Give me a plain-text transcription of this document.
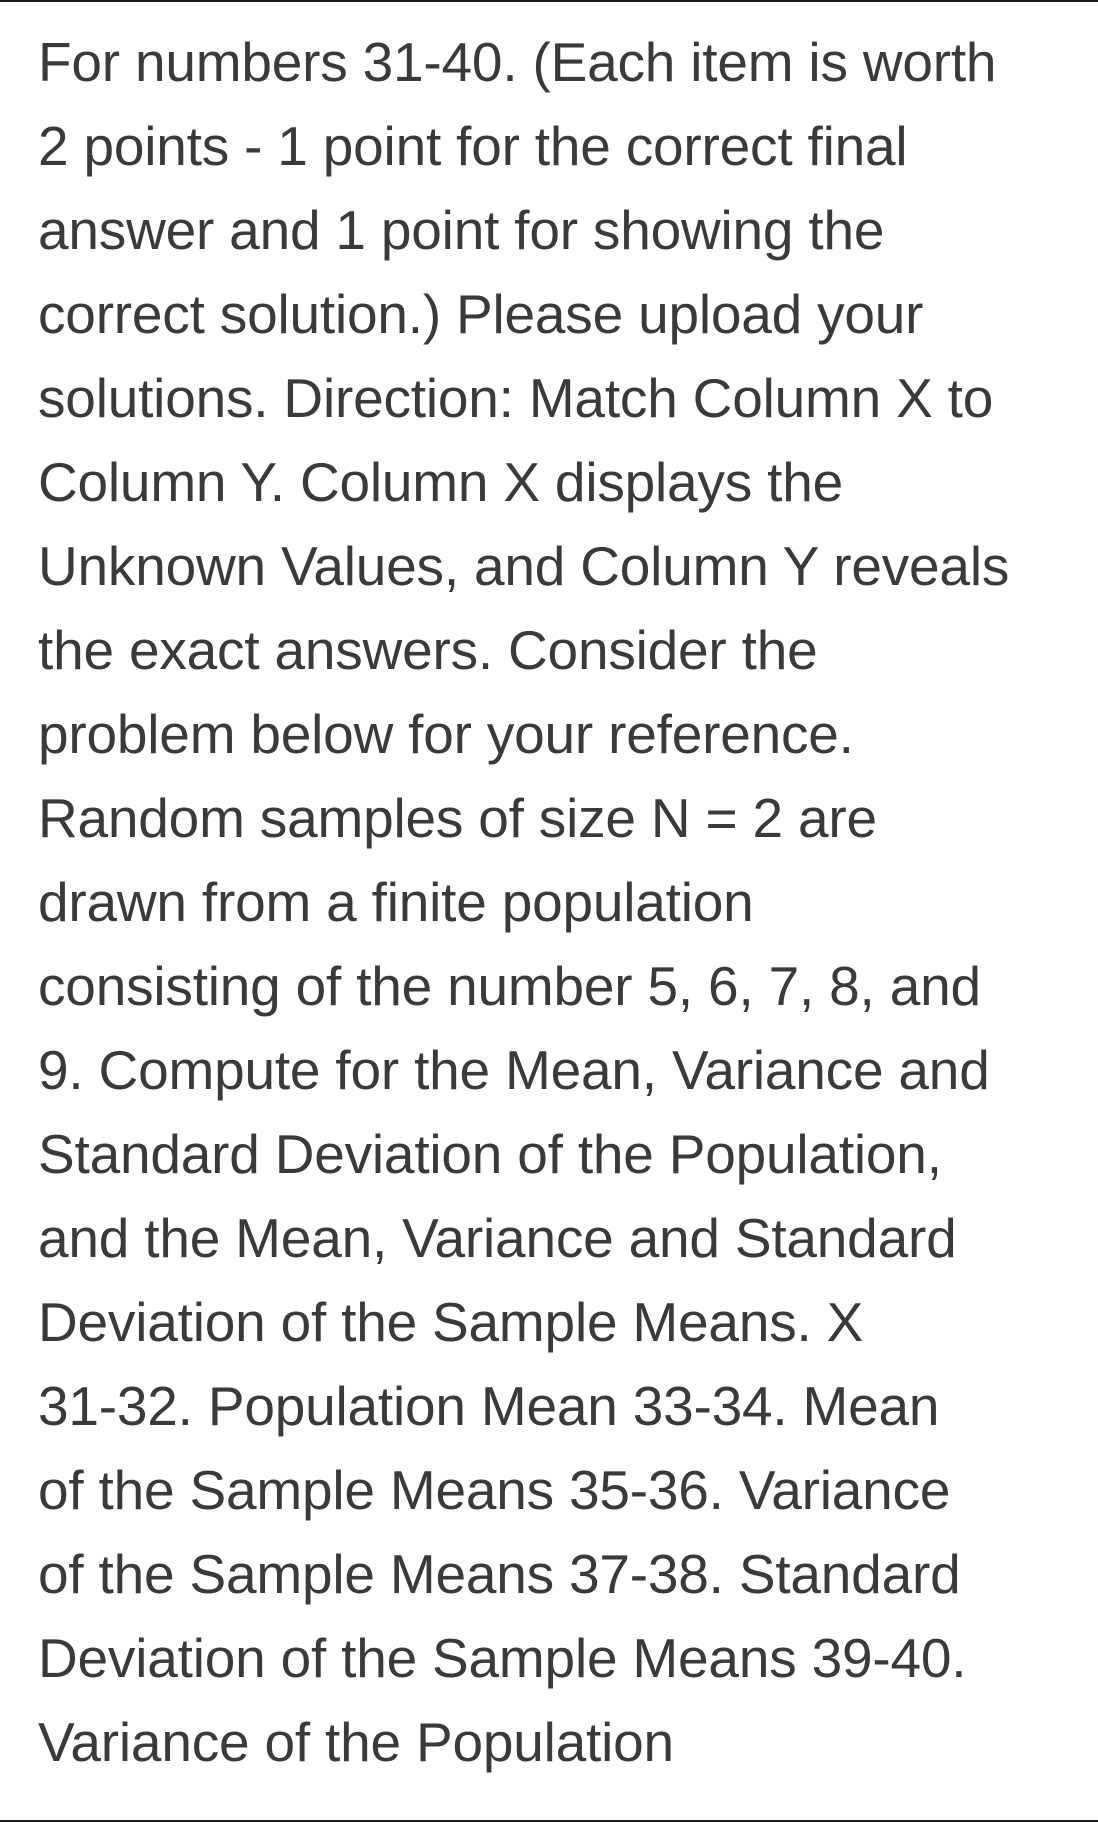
For numbers 31-40. (Each item is worth
2 points - 1 point for the correct final
answer and 1 point for showing the
correct solution.) Please upload your
solutions. Direction: Match Column X to
Column Y. Column X displays the
Unknown Values, and Column Y reveals
the exact answers. Consider the
problem below for your reference.
Random samples of size N = 2 are
drawn from a finite population
consisting of the number 5, 6, 7, 8, and
9. Compute for the Mean, Variance and
Standard Deviation of the Population,
and the Mean, Variance and Standard
Deviation of the Sample Means. X
31-32. Population Mean 33-34. Mean
of the Sample Means 35-36. Variance
of the Sample Means 37-38. Standard
Deviation of the Sample Means 39-40.
Variance of the Population
